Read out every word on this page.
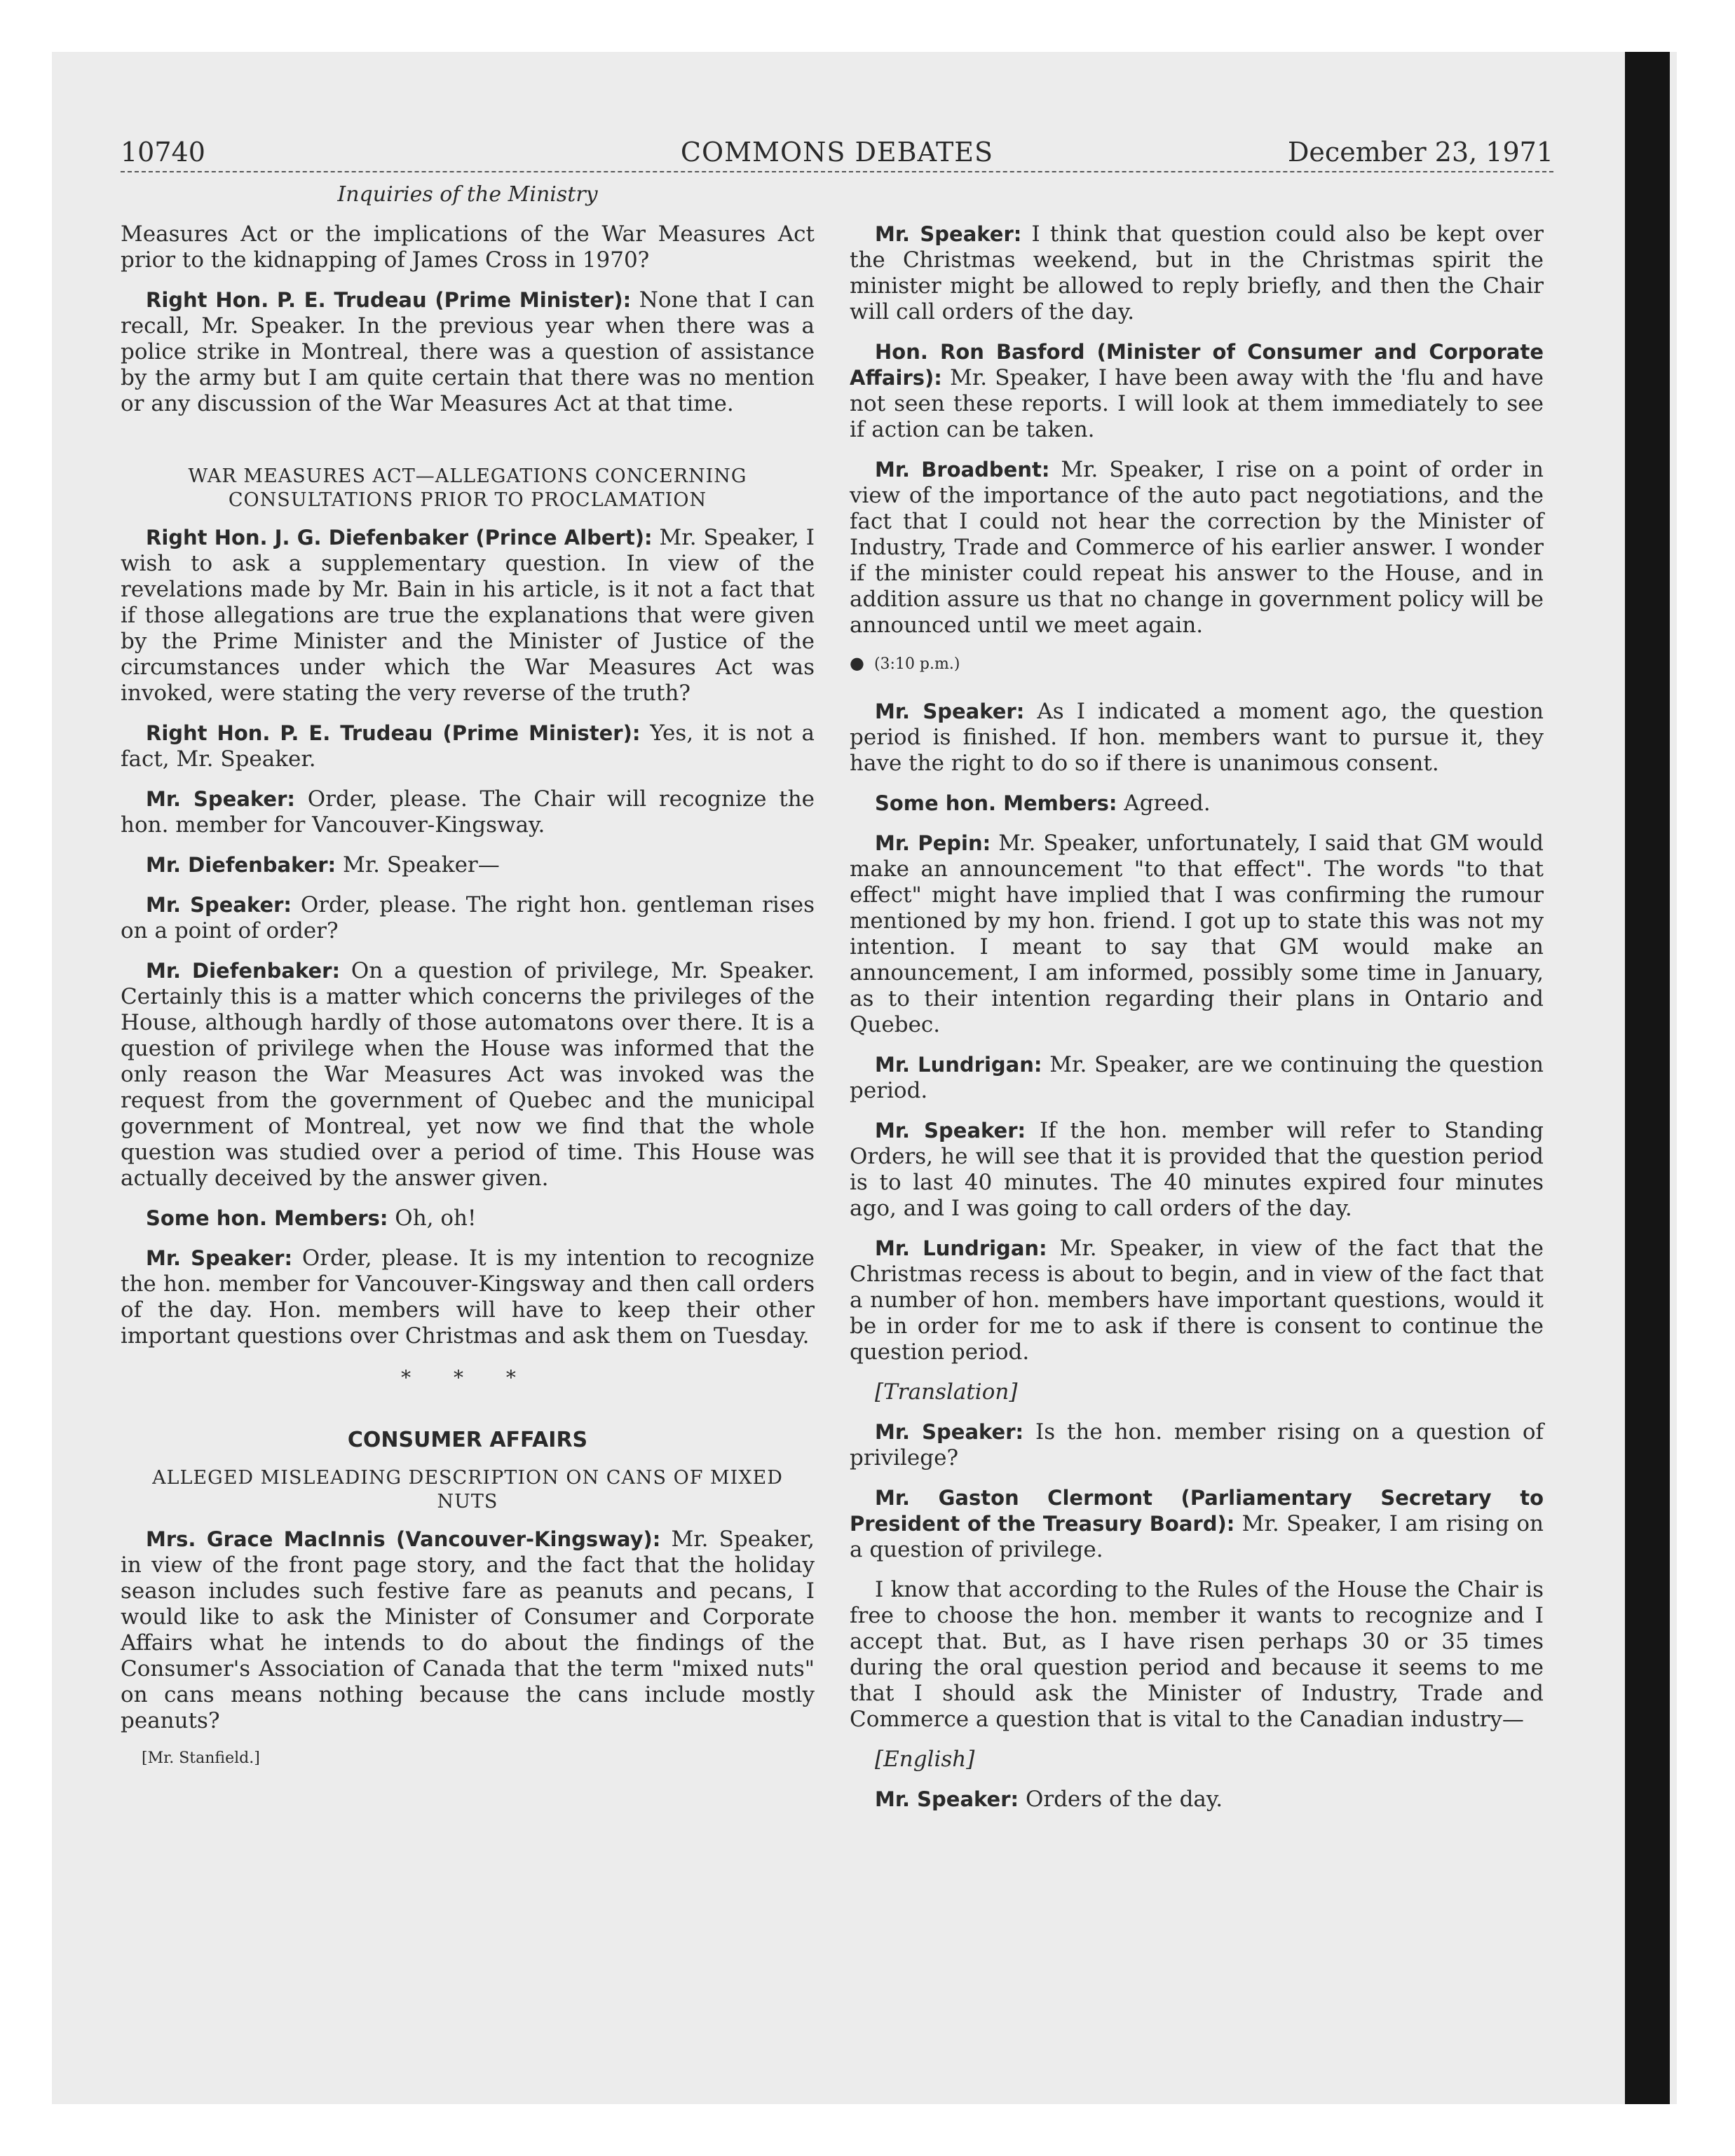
10740	COMMONS DEBATES	December 23, 1971
Inquiries of the Ministry

Measures Act or the implications of the War Measures Act prior to the kidnapping of James Cross in 1970?

Right Hon. P. E. Trudeau (Prime Minister): None that I can recall, Mr. Speaker. In the previous year when there was a police strike in Montreal, there was a question of assistance by the army but I am quite certain that there was no mention or any discussion of the War Measures Act at that time.

WAR MEASURES ACT—ALLEGATIONS CONCERNING CONSULTATIONS PRIOR TO PROCLAMATION

Right Hon. J. G. Diefenbaker (Prince Albert): Mr. Speaker, I wish to ask a supplementary question. In view of the revelations made by Mr. Bain in his article, is it not a fact that if those allegations are true the explanations that were given by the Prime Minister and the Minister of Justice of the circumstances under which the War Measures Act was invoked, were stating the very reverse of the truth?

Right Hon. P. E. Trudeau (Prime Minister): Yes, it is not a fact, Mr. Speaker.

Mr. Speaker: Order, please. The Chair will recognize the hon. member for Vancouver-Kingsway.

Mr. Diefenbaker: Mr. Speaker—

Mr. Speaker: Order, please. The right hon. gentleman rises on a point of order?

Mr. Diefenbaker: On a question of privilege, Mr. Speaker. Certainly this is a matter which concerns the privileges of the House, although hardly of those automatons over there. It is a question of privilege when the House was informed that the only reason the War Measures Act was invoked was the request from the government of Quebec and the municipal government of Montreal, yet now we find that the whole question was studied over a period of time. This House was actually deceived by the answer given.

Some hon. Members: Oh, oh!

Mr. Speaker: Order, please. It is my intention to recognize the hon. member for Vancouver-Kingsway and then call orders of the day. Hon. members will have to keep their other important questions over Christmas and ask them on Tuesday.

* * *
CONSUMER AFFAIRS
ALLEGED MISLEADING DESCRIPTION ON CANS OF MIXED NUTS

Mrs. Grace MacInnis (Vancouver-Kingsway): Mr. Speaker, in view of the front page story, and the fact that the holiday season includes such festive fare as peanuts and pecans, I would like to ask the Minister of Consumer and Corporate Affairs what he intends to do about the findings of the Consumer's Association of Canada that the term "mixed nuts" on cans means nothing because the cans include mostly peanuts?

[Mr. Stanfield.]

Mr. Speaker: I think that question could also be kept over the Christmas weekend, but in the Christmas spirit the minister might be allowed to reply briefly, and then the Chair will call orders of the day.

Hon. Ron Basford (Minister of Consumer and Corporate Affairs): Mr. Speaker, I have been away with the 'flu and have not seen these reports. I will look at them immediately to see if action can be taken.

Mr. Broadbent: Mr. Speaker, I rise on a point of order in view of the importance of the auto pact negotiations, and the fact that I could not hear the correction by the Minister of Industry, Trade and Commerce of his earlier answer. I wonder if the minister could repeat his answer to the House, and in addition assure us that no change in government policy will be announced until we meet again.

● (3:10 p.m.)

Mr. Speaker: As I indicated a moment ago, the question period is finished. If hon. members want to pursue it, they have the right to do so if there is unanimous consent.

Some hon. Members: Agreed.

Mr. Pepin: Mr. Speaker, unfortunately, I said that GM would make an announcement "to that effect". The words "to that effect" might have implied that I was confirming the rumour mentioned by my hon. friend. I got up to state this was not my intention. I meant to say that GM would make an announcement, I am informed, possibly some time in January, as to their intention regarding their plans in Ontario and Quebec.

Mr. Lundrigan: Mr. Speaker, are we continuing the question period.

Mr. Speaker: If the hon. member will refer to Standing Orders, he will see that it is provided that the question period is to last 40 minutes. The 40 minutes expired four minutes ago, and I was going to call orders of the day.

Mr. Lundrigan: Mr. Speaker, in view of the fact that the Christmas recess is about to begin, and in view of the fact that a number of hon. members have important questions, would it be in order for me to ask if there is consent to continue the question period.

[Translation]

Mr. Speaker: Is the hon. member rising on a question of privilege?

Mr. Gaston Clermont (Parliamentary Secretary to President of the Treasury Board): Mr. Speaker, I am rising on a question of privilege.

I know that according to the Rules of the House the Chair is free to choose the hon. member it wants to recognize and I accept that. But, as I have risen perhaps 30 or 35 times during the oral question period and because it seems to me that I should ask the Minister of Industry, Trade and Commerce a question that is vital to the Canadian industry—

[English]

Mr. Speaker: Orders of the day.
